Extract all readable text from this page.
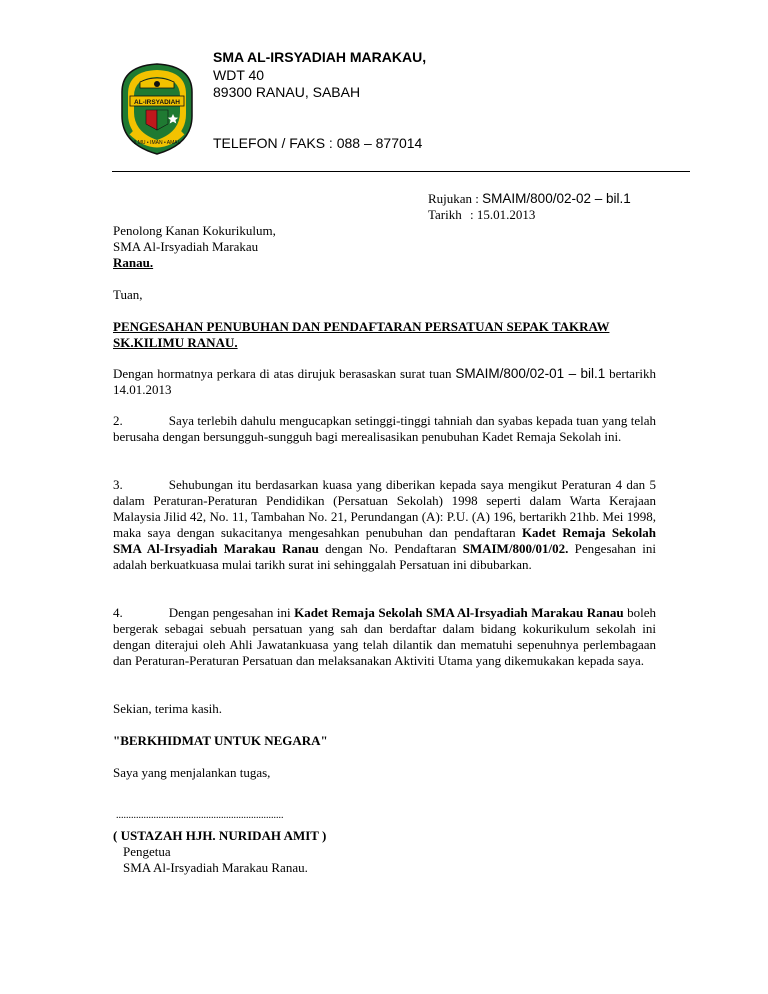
AL-IRSYADIAH
ILMU • IMAN • AMAL
SMA AL-IRSYADIAH MARAKAU,
WDT 40
89300 RANAU, SABAH
TELEFON / FAKS : 088 – 877014
Rujukan : SMAIM/800/02-02 – bil.1
Tarikh : 15.01.2013
Penolong Kanan Kokurikulum,
SMA Al-Irsyadiah Marakau
Ranau.
Tuan,
PENGESAHAN PENUBUHAN DAN PENDAFTARAN PERSATUAN SEPAK TAKRAW
SK.KILIMU RANAU.
Dengan hormatnya perkara di atas dirujuk berasaskan surat tuan SMAIM/800/02-01 – bil.1 bertarikh 14.01.2013
2.	Saya terlebih dahulu mengucapkan setinggi-tinggi tahniah dan syabas kepada tuan yang telah berusaha dengan bersungguh-sungguh bagi merealisasikan penubuhan Kadet Remaja Sekolah ini.
3.	Sehubungan itu berdasarkan kuasa yang diberikan kepada saya mengikut Peraturan 4 dan 5 dalam Peraturan-Peraturan Pendidikan (Persatuan Sekolah) 1998 seperti dalam Warta Kerajaan Malaysia Jilid 42, No. 11, Tambahan No. 21, Perundangan (A): P.U. (A) 196, bertarikh 21hb. Mei 1998, maka saya dengan sukacitanya mengesahkan penubuhan dan pendaftaran Kadet Remaja Sekolah SMA Al-Irsyadiah Marakau Ranau dengan No. Pendaftaran SMAIM/800/01/02. Pengesahan ini adalah berkuatkuasa mulai tarikh surat ini sehinggalah Persatuan ini dibubarkan.
4.	Dengan pengesahan ini Kadet Remaja Sekolah SMA Al-Irsyadiah Marakau Ranau boleh bergerak sebagai sebuah persatuan yang sah dan berdaftar dalam bidang kokurikulum sekolah ini dengan diterajui oleh Ahli Jawatankuasa yang telah dilantik dan mematuhi sepenuhnya perlembagaan dan Peraturan-Peraturan Persatuan dan melaksanakan Aktiviti Utama yang dikemukakan kepada saya.
Sekian, terima kasih.
"BERKHIDMAT UNTUK NEGARA"
Saya yang menjalankan tugas,
...................................................................
( USTAZAH HJH. NURIDAH AMIT )
Pengetua
SMA Al-Irsyadiah Marakau Ranau.
